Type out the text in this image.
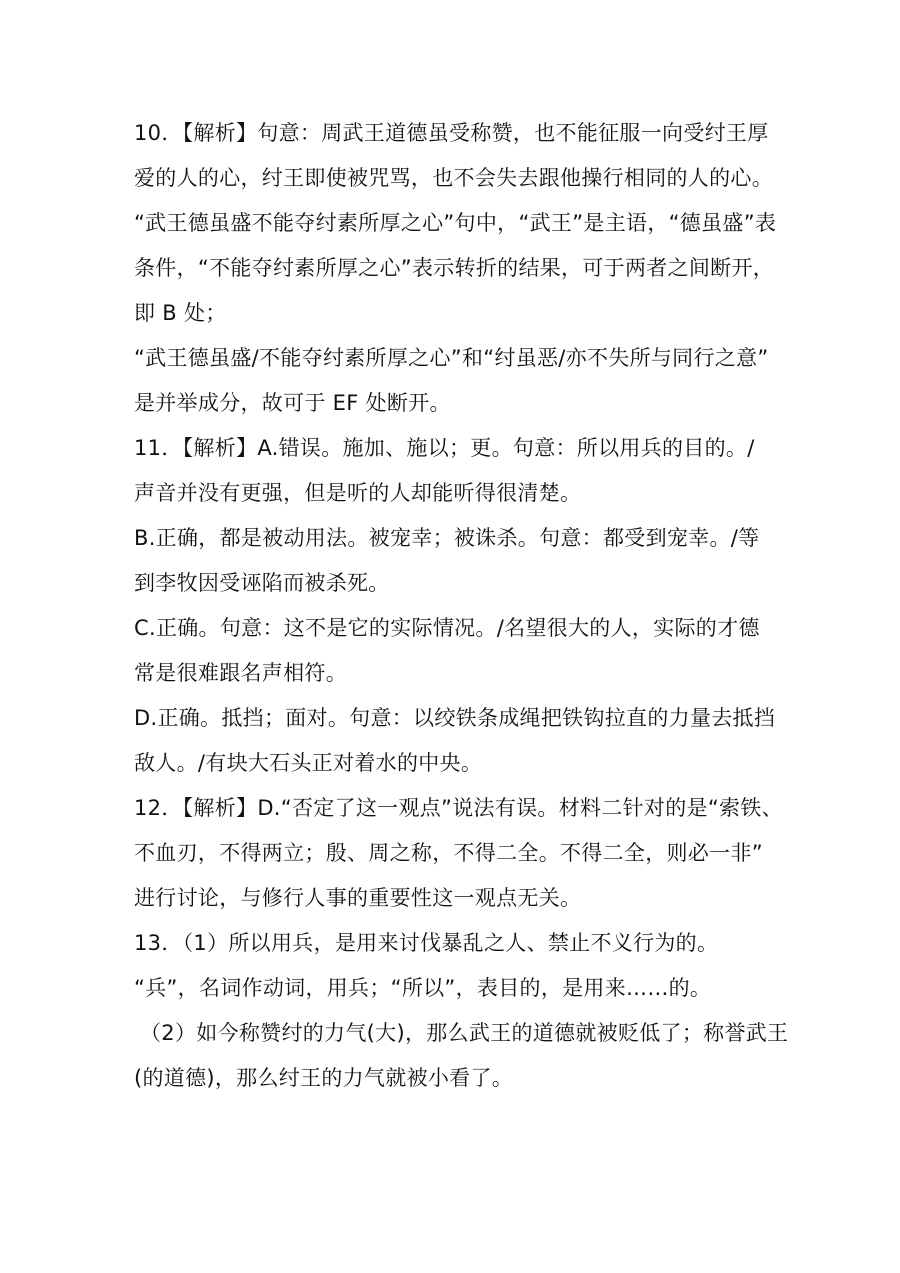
10．【解析】句意：周武王道德虽受称赞，也不能征服一向受纣王厚
爱的人的心，纣王即使被咒骂，也不会失去跟他操行相同的人的心。
“武王德虽盛不能夺纣素所厚之心”句中，“武王”是主语，“德虽盛”表
条件，“不能夺纣素所厚之心”表示转折的结果，可于两者之间断开，
即 B 处；
“武王德虽盛/不能夺纣素所厚之心”和“纣虽恶/亦不失所与同行之意”
是并举成分，故可于 EF 处断开。
11．【解析】A.错误。施加、施以；更。句意：所以用兵的目的。/
声音并没有更强，但是听的人却能听得很清楚。
B.正确，都是被动用法。被宠幸；被诛杀。句意：都受到宠幸。/等
到李牧因受诬陷而被杀死。
C.正确。句意：这不是它的实际情况。/名望很大的人，实际的才德
常是很难跟名声相符。
D.正确。抵挡；面对。句意：以绞铁条成绳把铁钩拉直的力量去抵挡
敌人。/有块大石头正对着水的中央。
12．【解析】D.“否定了这一观点”说法有误。材料二针对的是“索铁、
不血刃，不得两立；殷、周之称，不得二全。不得二全，则必一非”
进行讨论，与修行人事的重要性这一观点无关。
13．（1）所以用兵，是用来讨伐暴乱之人、禁止不义行为的。
“兵”，名词作动词，用兵；“所以”，表目的，是用来……的。
（2）如今称赞纣的力气(大)，那么武王的道德就被贬低了；称誉武王
(的道德)，那么纣王的力气就被小看了。
